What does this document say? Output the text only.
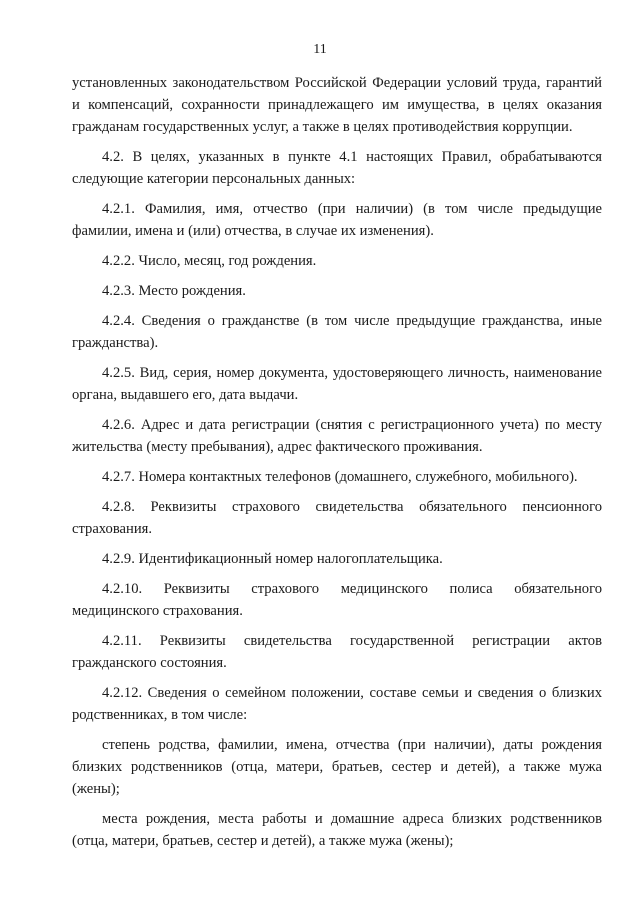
11

установленных законодательством Российской Федерации условий труда, гарантий и компенсаций, сохранности принадлежащего им имущества, в целях оказания гражданам государственных услуг, а также в целях противодействия коррупции.

4.2. В целях, указанных в пункте 4.1 настоящих Правил, обрабатываются следующие категории персональных данных:

4.2.1. Фамилия, имя, отчество (при наличии) (в том числе предыдущие фамилии, имена и (или) отчества, в случае их изменения).

4.2.2. Число, месяц, год рождения.

4.2.3. Место рождения.

4.2.4. Сведения о гражданстве (в том числе предыдущие гражданства, иные гражданства).

4.2.5. Вид, серия, номер документа, удостоверяющего личность, наименование органа, выдавшего его, дата выдачи.

4.2.6. Адрес и дата регистрации (снятия с регистрационного учета) по месту жительства (месту пребывания), адрес фактического проживания.

4.2.7. Номера контактных телефонов (домашнего, служебного, мобильного).

4.2.8. Реквизиты страхового свидетельства обязательного пенсионного страхования.

4.2.9. Идентификационный номер налогоплательщика.

4.2.10. Реквизиты страхового медицинского полиса обязательного медицинского страхования.

4.2.11. Реквизиты свидетельства государственной регистрации актов гражданского состояния.

4.2.12. Сведения о семейном положении, составе семьи и сведения о близких родственниках, в том числе:

степень родства, фамилии, имена, отчества (при наличии), даты рождения близких родственников (отца, матери, братьев, сестер и детей), а также мужа (жены);

места рождения, места работы и домашние адреса близких родственников (отца, матери, братьев, сестер и детей), а также мужа (жены);
